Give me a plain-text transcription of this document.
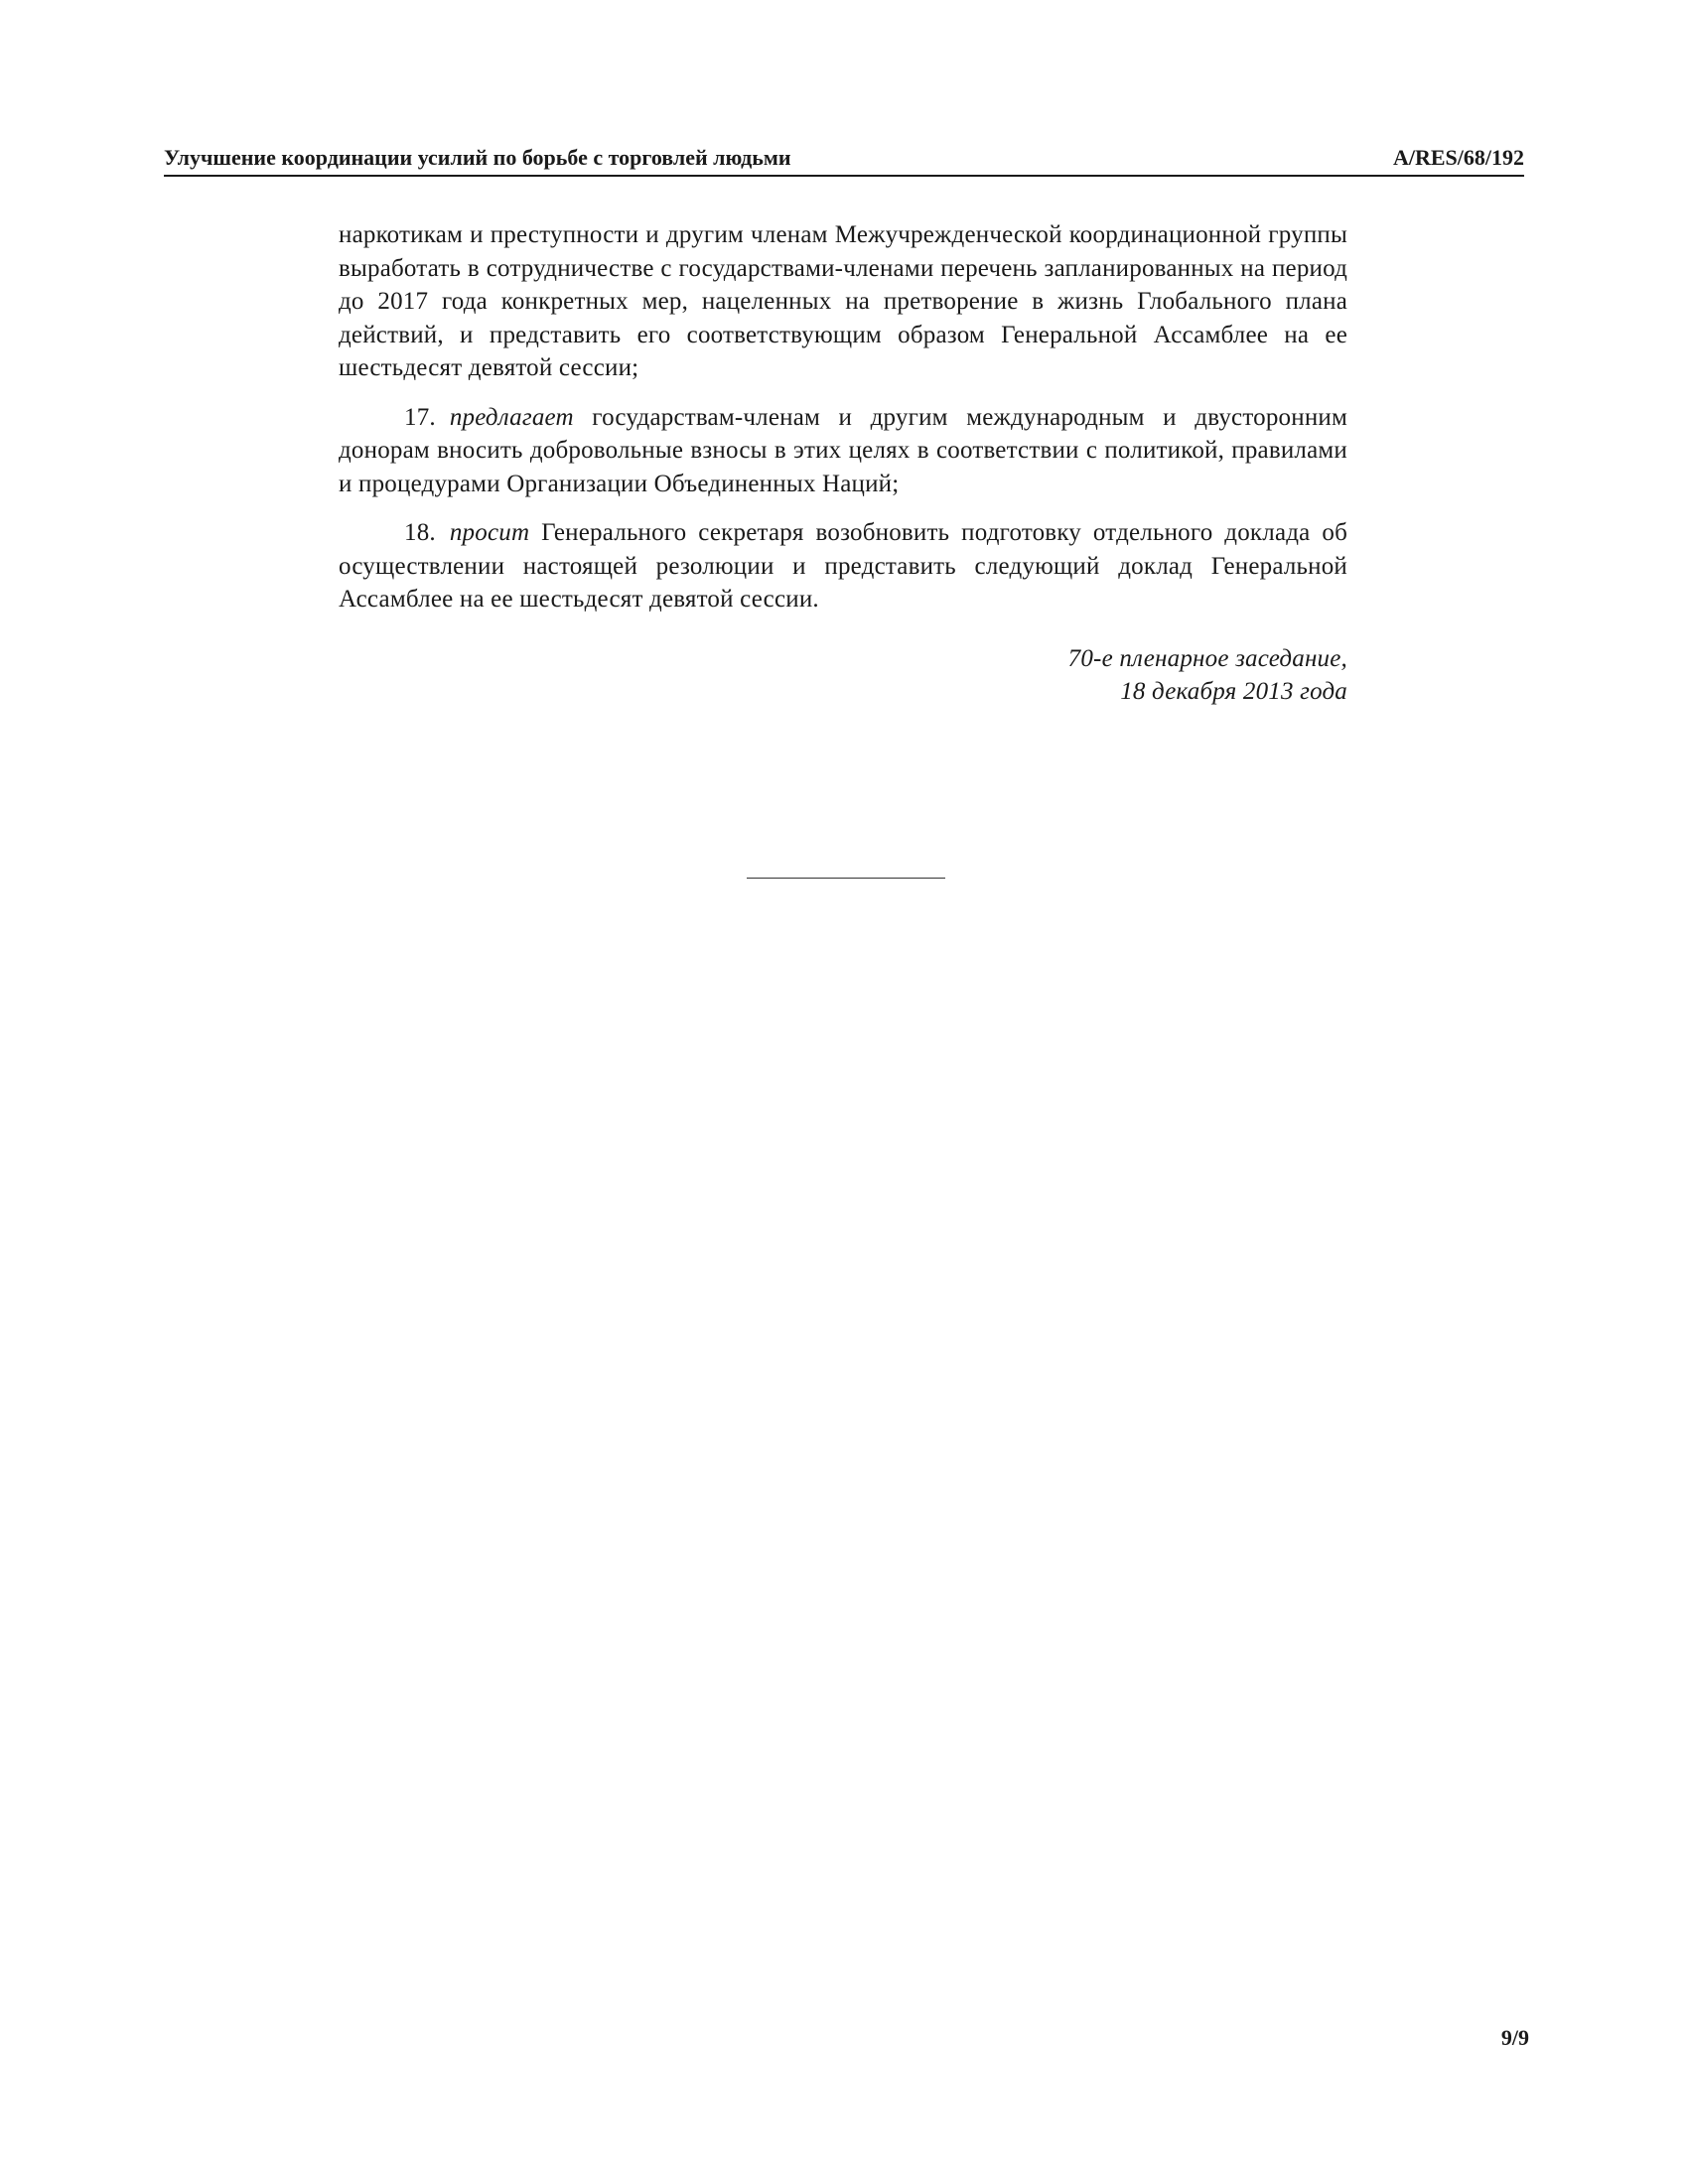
Улучшение координации усилий по борьбе с торговлей людьми	A/RES/68/192

наркотикам и преступности и другим членам Межучрежденческой координационной группы выработать в сотрудничестве с государствами-членами перечень запланированных на период до 2017 года конкретных мер, нацеленных на претворение в жизнь Глобального плана действий, и представить его соответствующим образом Генеральной Ассамблее на ее шестьдесят девятой сессии;

17. предлагает государствам-членам и другим международным и двусторонним донорам вносить добровольные взносы в этих целях в соответствии с политикой, правилами и процедурами Организации Объединенных Наций;

18. просит Генерального секретаря возобновить подготовку отдельного доклада об осуществлении настоящей резолюции и представить следующий доклад Генеральной Ассамблее на ее шестьдесят девятой сессии.

70-е пленарное заседание,
18 декабря 2013 года
9/9
